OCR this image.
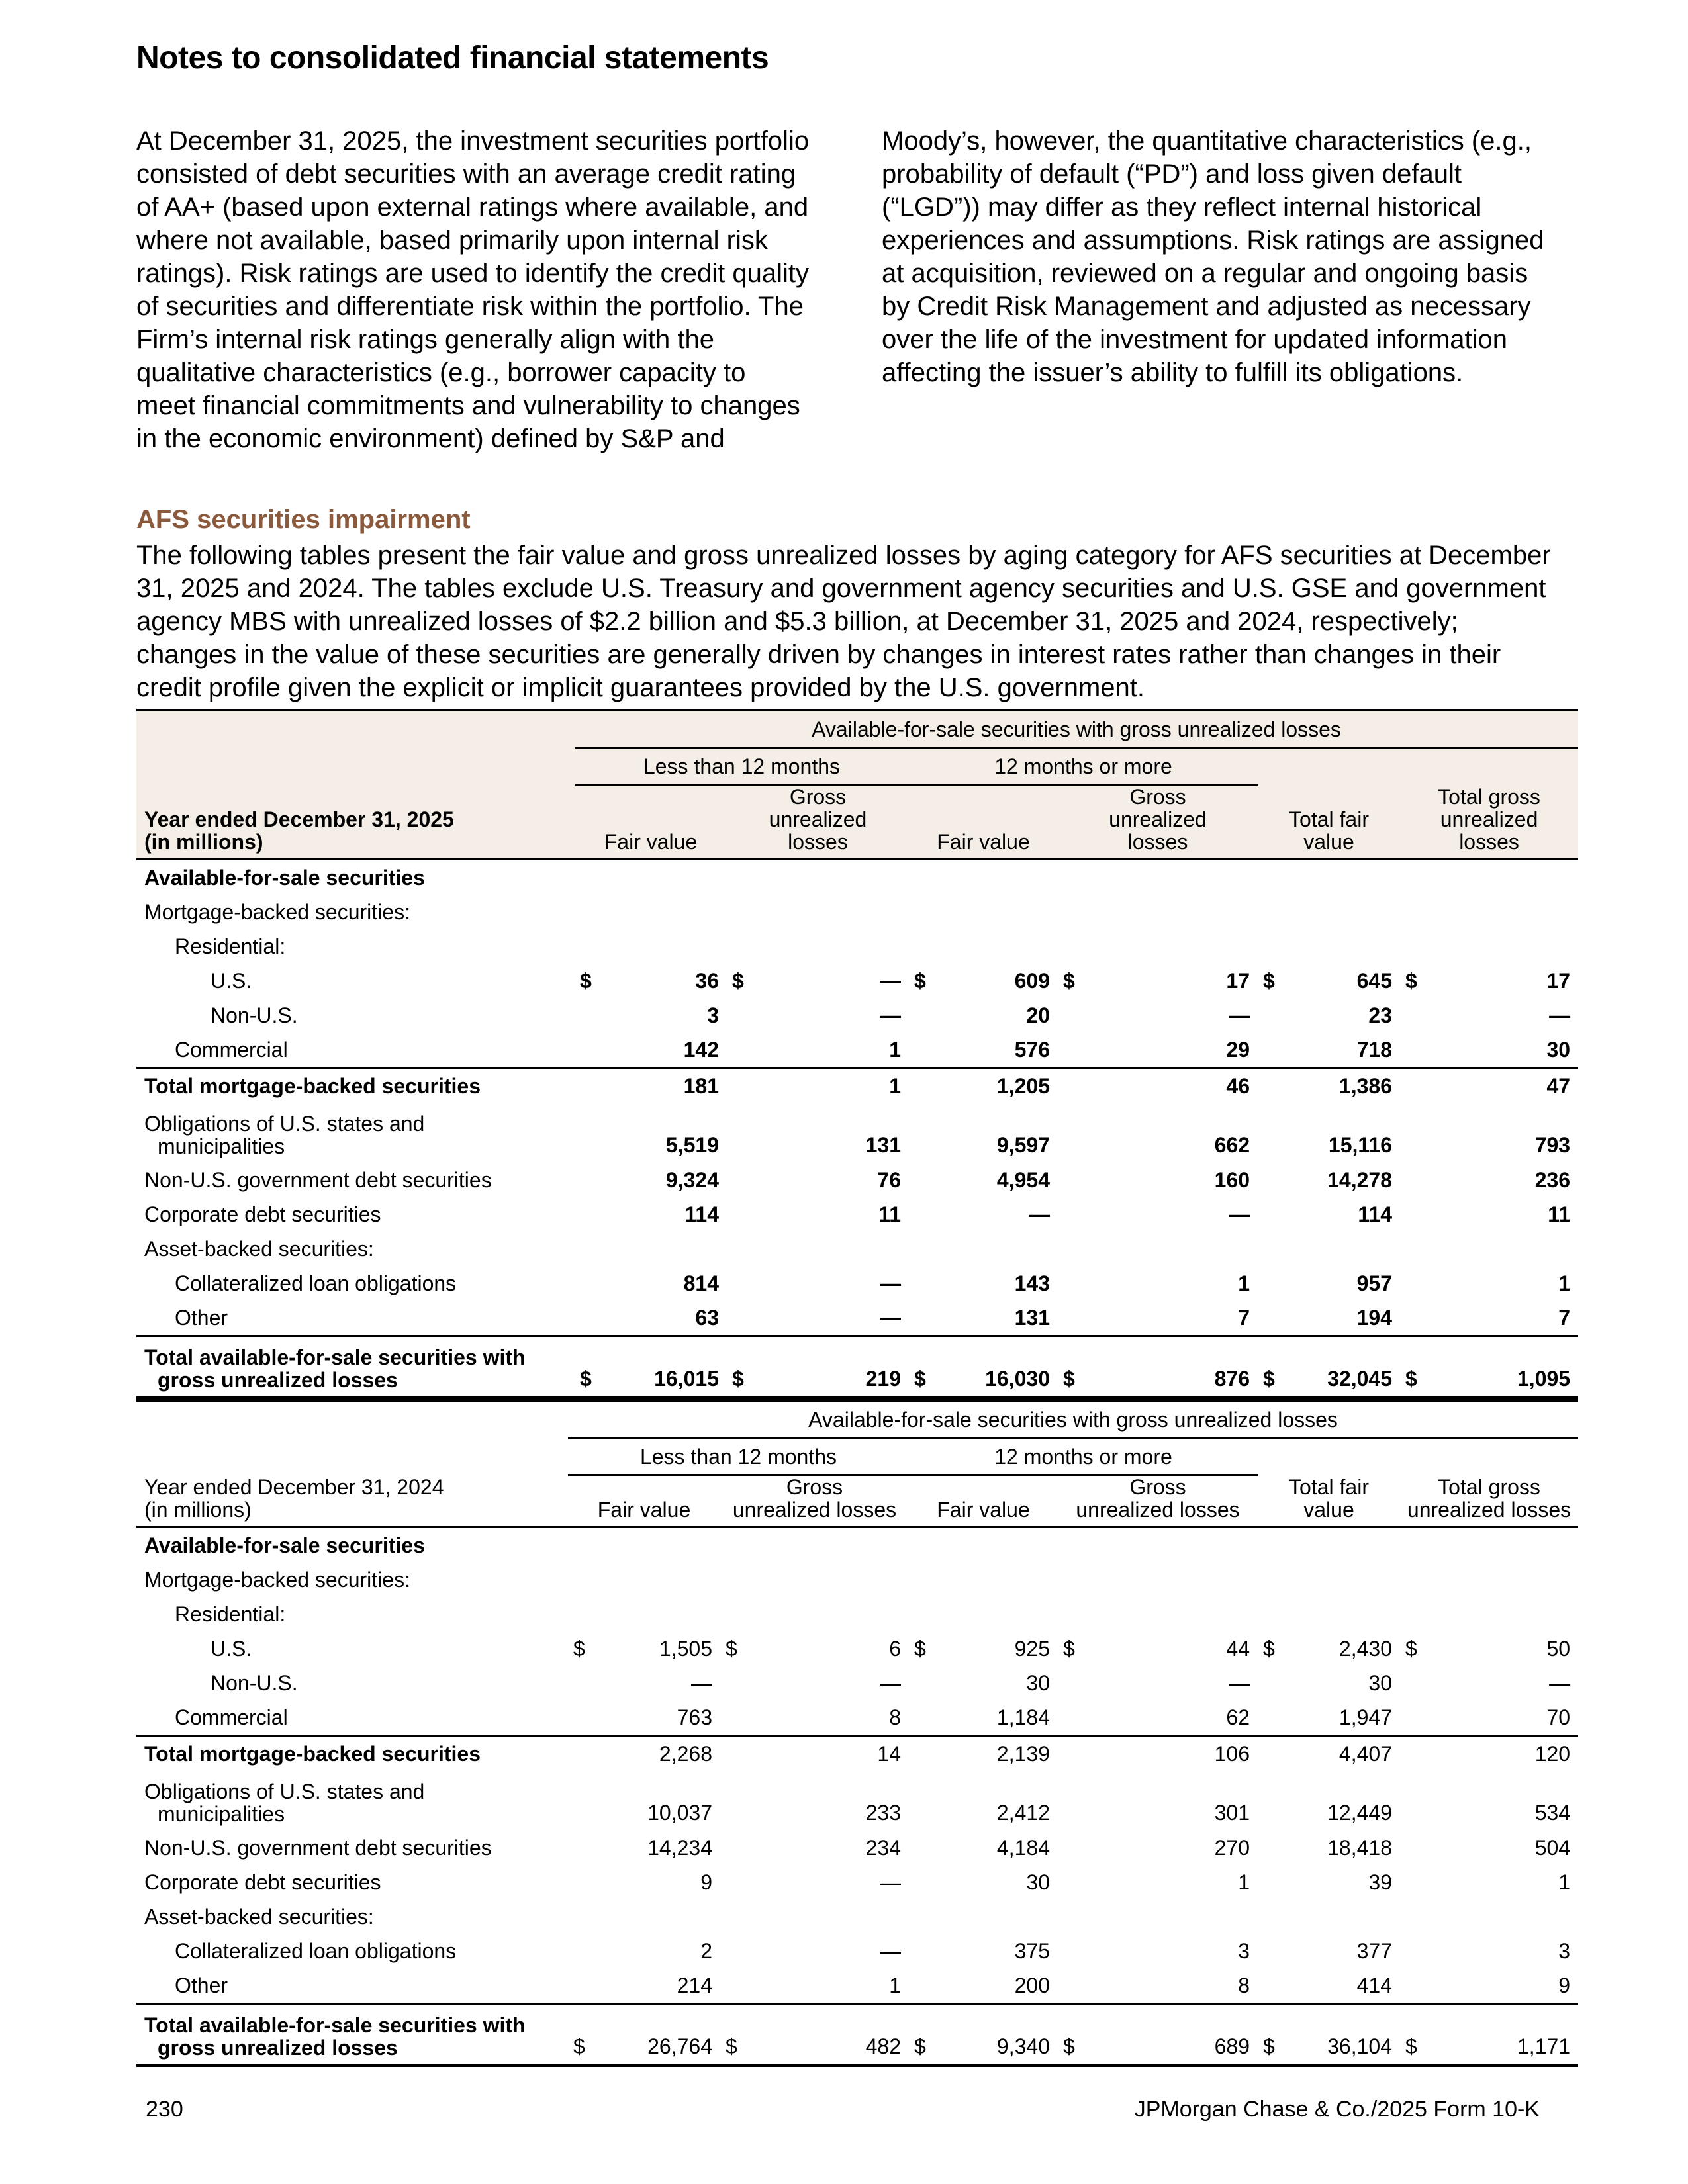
Notes to consolidated financial statements

At December 31, 2025, the investment securities portfolio consisted of debt securities with an average credit rating of AA+ (based upon external ratings where available, and where not available, based primarily upon internal risk ratings). Risk ratings are used to identify the credit quality of securities and differentiate risk within the portfolio. The Firm’s internal risk ratings generally align with the qualitative characteristics (e.g., borrower capacity to meet financial commitments and vulnerability to changes in the economic environment) defined by S&P and

Moody’s, however, the quantitative characteristics (e.g., probability of default (“PD”) and loss given default (“LGD”)) may differ as they reflect internal historical experiences and assumptions. Risk ratings are assigned at acquisition, reviewed on a regular and ongoing basis by Credit Risk Management and adjusted as necessary over the life of the investment for updated information affecting the issuer’s ability to fulfill its obligations.

AFS securities impairment

The following tables present the fair value and gross unrealized losses by aging category for AFS securities at December 31, 2025 and 2024. The tables exclude U.S. Treasury and government agency securities and U.S. GSE and government agency MBS with unrealized losses of $2.2 billion and $5.3 billion, at December 31, 2025 and 2024, respectively; changes in the value of these securities are generally driven by changes in interest rates rather than changes in their credit profile given the explicit or implicit guarantees provided by the U.S. government.

	Available-for-sale securities with gross unrealized losses											
	Less than 12 months				12 months or more							
Year ended December 31, 2025
(in millions)	Fair value		Gross
unrealized
losses		Fair value		Gross
unrealized
losses		Total fair
value		Total gross
unrealized
losses	
Available-for-sale securities												
Mortgage-backed securities:												
Residential:												
U.S.	$	36	$	—	$	609	$	17	$	645	$	17
Non-U.S.		3		—		20		—		23		—
Commercial		142		1		576		29		718		30
Total mortgage-backed securities		181		1		1,205		46		1,386		47
Obligations of U.S. states and
municipalities		5,519		131		9,597		662		15,116		793
Non-U.S. government debt securities		9,324		76		4,954		160		14,278		236
Corporate debt securities		114		11		—		—		114		11
Asset-backed securities:												
Collateralized loan obligations		814		—		143		1		957		1
Other		63		—		131		7		194		7
Total available-for-sale securities with
gross unrealized losses	$	16,015	$	219	$	16,030	$	876	$	32,045	$	1,095
	Available-for-sale securities with gross unrealized losses											
	Less than 12 months				12 months or more							
Year ended December 31, 2024
(in millions)	Fair value		Gross
unrealized losses		Fair value		Gross
unrealized losses		Total fair
value		Total gross
unrealized losses	
Available-for-sale securities												
Mortgage-backed securities:												
Residential:												
U.S.	$	1,505	$	6	$	925	$	44	$	2,430	$	50
Non-U.S.		—		—		30		—		30		—
Commercial		763		8		1,184		62		1,947		70
Total mortgage-backed securities		2,268		14		2,139		106		4,407		120
Obligations of U.S. states and
municipalities		10,037		233		2,412		301		12,449		534
Non-U.S. government debt securities		14,234		234		4,184		270		18,418		504
Corporate debt securities		9		—		30		1		39		1
Asset-backed securities:												
Collateralized loan obligations		2		—		375		3		377		3
Other		214		1		200		8		414		9
Total available-for-sale securities with
gross unrealized losses	$	26,764	$	482	$	9,340	$	689	$	36,104	$	1,171
230	JPMorgan Chase & Co./2025 Form 10-K
